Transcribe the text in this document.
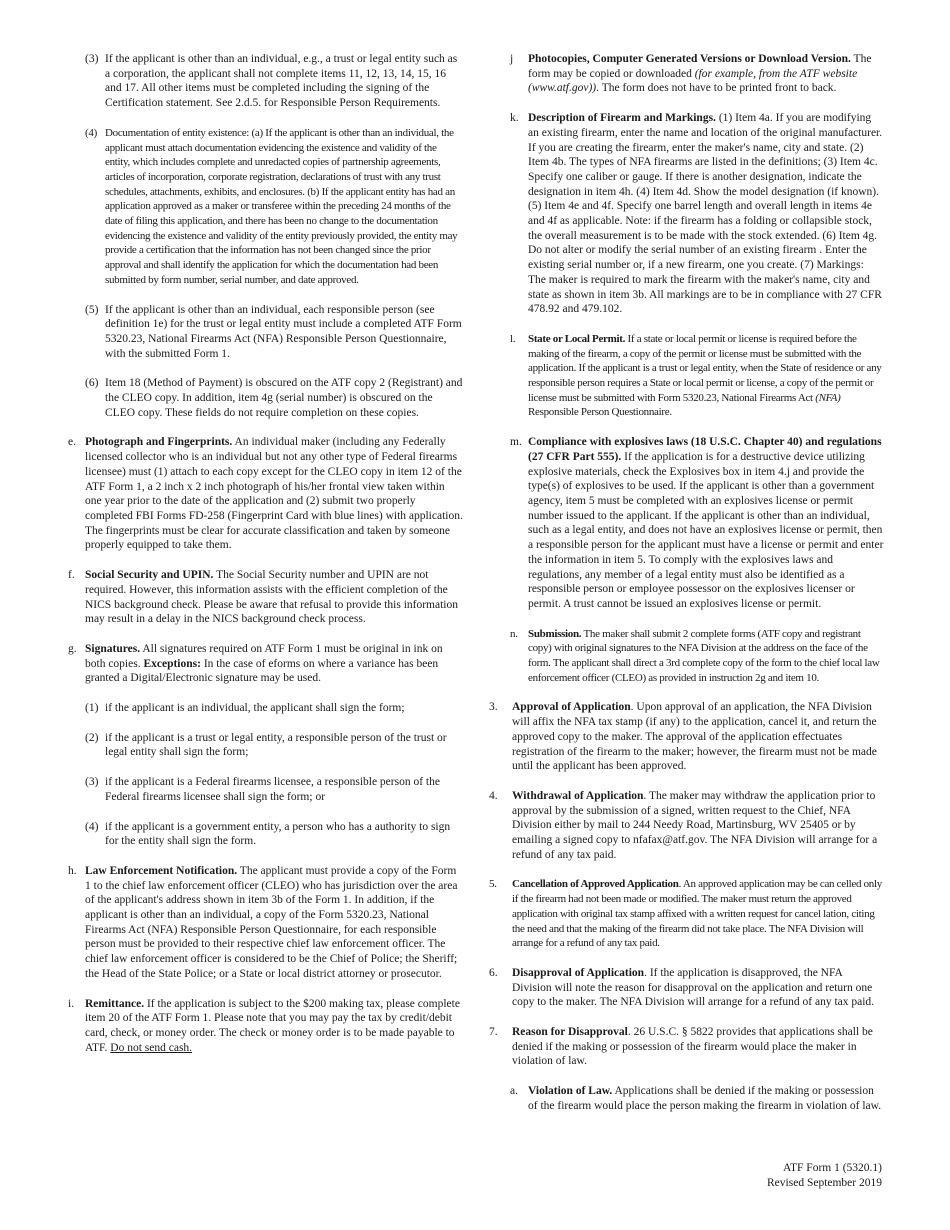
(3) If the applicant is other than an individual, e.g., a trust or legal entity such as a corporation, the applicant shall not complete items 11, 12, 13, 14, 15, 16 and 17. All other items must be completed including the signing of the Certification statement. See 2.d.5. for Responsible Person Requirements.
(4) Documentation of entity existence: (a) If the applicant is other than an individual, the applicant must attach documentation evidencing the existence and validity of the entity, which includes complete and unredacted copies of partnership agreements, articles of incorporation, corporate registration, declarations of trust with any trust schedules, attachments, exhibits, and enclosures. (b) If the applicant entity has had an application approved as a maker or transferee within the preceding 24 months of the date of filing this application, and there has been no change to the documentation evidencing the existence and validity of the entity previously provided, the entity may provide a certification that the information has not been changed since the prior approval and shall identify the application for which the documentation had been submitted by form number, serial number, and date approved.
(5) If the applicant is other than an individual, each responsible person (see definition 1e) for the trust or legal entity must include a completed ATF Form 5320.23, National Firearms Act (NFA) Responsible Person Questionnaire, with the submitted Form 1.
(6) Item 18 (Method of Payment) is obscured on the ATF copy 2 (Registrant) and the CLEO copy. In addition, item 4g (serial number) is obscured on the CLEO copy. These fields do not require completion on these copies.
e. Photograph and Fingerprints. An individual maker (including any Federally licensed collector who is an individual but not any other type of Federal firearms licensee) must (1) attach to each copy except for the CLEO copy in item 12 of the ATF Form 1, a 2 inch x 2 inch photograph of his/her frontal view taken within one year prior to the date of the application and (2) submit two properly completed FBI Forms FD-258 (Fingerprint Card with blue lines) with application. The fingerprints must be clear for accurate classification and taken by someone properly equipped to take them.
f. Social Security and UPIN. The Social Security number and UPIN are not required. However, this information assists with the efficient completion of the NICS background check. Please be aware that refusal to provide this information may result in a delay in the NICS background check process.
g. Signatures. All signatures required on ATF Form 1 must be original in ink on both copies. Exceptions: In the case of eforms on where a variance has been granted a Digital/Electronic signature may be used.
(1) if the applicant is an individual, the applicant shall sign the form;
(2) if the applicant is a trust or legal entity, a responsible person of the trust or legal entity shall sign the form;
(3) if the applicant is a Federal firearms licensee, a responsible person of the Federal firearms licensee shall sign the form; or
(4) if the applicant is a government entity, a person who has a authority to sign for the entity shall sign the form.
h. Law Enforcement Notification. The applicant must provide a copy of the Form 1 to the chief law enforcement officer (CLEO) who has jurisdiction over the area of the applicant's address shown in item 3b of the Form 1. In addition, if the applicant is other than an individual, a copy of the Form 5320.23, National Firearms Act (NFA) Responsible Person Questionnaire, for each responsible person must be provided to their respective chief law enforcement officer. The chief law enforcement officer is considered to be the Chief of Police; the Sheriff; the Head of the State Police; or a State or local district attorney or prosecutor.
i. Remittance. If the application is subject to the $200 making tax, please complete item 20 of the ATF Form 1. Please note that you may pay the tax by credit/debit card, check, or money order. The check or money order is to be made payable to ATF. Do not send cash.
j	Photocopies, Computer Generated Versions or Download Version. The form may be copied or downloaded (for example, from the ATF website (www.atf.gov)). The form does not have to be printed front to back.
k. Description of Firearm and Markings. (1) Item 4a. If you are modifying an existing firearm, enter the name and location of the original manufacturer. If you are creating the firearm, enter the maker's name, city and state. (2) Item 4b. The types of NFA firearms are listed in the definitions; (3) Item 4c. Specify one caliber or gauge. If there is another designation, indicate the designation in item 4h. (4) Item 4d. Show the model designation (if known). (5) Item 4e and 4f. Specify one barrel length and overall length in items 4e and 4f as applicable. Note: if the firearm has a folding or collapsible stock, the overall measurement is to be made with the stock extended. (6) Item 4g. Do not alter or modify the serial number of an existing firearm . Enter the existing serial number or, if a new firearm, one you create. (7) Markings: The maker is required to mark the firearm with the maker's name, city and state as shown in item 3b. All markings are to be in compliance with 27 CFR 478.92 and 479.102.
l.	State or Local Permit. If a state or local permit or license is required before the making of the firearm, a copy of the permit or license must be submitted with the application. If the applicant is a trust or legal entity, when the State of residence or any responsible person requires a State or local permit or license, a copy of the permit or license must be submitted with Form 5320.23, National Firearms Act (NFA) Responsible Person Questionnaire.
m. Compliance with explosives laws (18 U.S.C. Chapter 40) and regulations (27 CFR Part 555). If the application is for a destructive device utilizing explosive materials, check the Explosives box in item 4.j and provide the type(s) of explosives to be used. If the applicant is other than a government agency, item 5 must be completed with an explosives license or permit number issued to the applicant. If the applicant is other than an individual, such as a legal entity, and does not have an explosives license or permit, then a responsible person for the applicant must have a license or permit and enter the information in item 5. To comply with the explosives laws and regulations, any member of a legal entity must also be identified as a responsible person or employee possessor on the explosives licenser or permit. A trust cannot be issued an explosives license or permit.
n. Submission. The maker shall submit 2 complete forms (ATF copy and registrant copy) with original signatures to the NFA Division at the address on the face of the form. The applicant shall direct a 3rd complete copy of the form to the chief local law enforcement officer (CLEO) as provided in instruction 2g and item 10.
3.	Approval of Application. Upon approval of an application, the NFA Division will affix the NFA tax stamp (if any) to the application, cancel it, and return the approved copy to the maker. The approval of the application effectuates registration of the firearm to the maker; however, the firearm must not be made until the applicant has been approved.
4.	Withdrawal of Application. The maker may withdraw the application prior to approval by the submission of a signed, written request to the Chief, NFA Division either by mail to 244 Needy Road, Martinsburg, WV 25405 or by emailing a signed copy to nfafax@atf.gov. The NFA Division will arrange for a refund of any tax paid.
5.	Cancellation of Approved Application. An approved application may be can celled only if the firearm had not been made or modified. The maker must return the approved application with original tax stamp affixed with a written request for cancel lation, citing the need and that the making of the firearm did not take place. The NFA Division will arrange for a refund of any tax paid.
6.	Disapproval of Application. If the application is disapproved, the NFA Division will note the reason for disapproval on the application and return one copy to the maker. The NFA Division will arrange for a refund of any tax paid.
7.	Reason for Disapproval. 26 U.S.C. § 5822 provides that applications shall be denied if the making or possession of the firearm would place the maker in violation of law.
a. Violation of Law. Applications shall be denied if the making or possession of the firearm would place the person making the firearm in violation of law.
ATF Form 1 (5320.1)
Revised September 2019
